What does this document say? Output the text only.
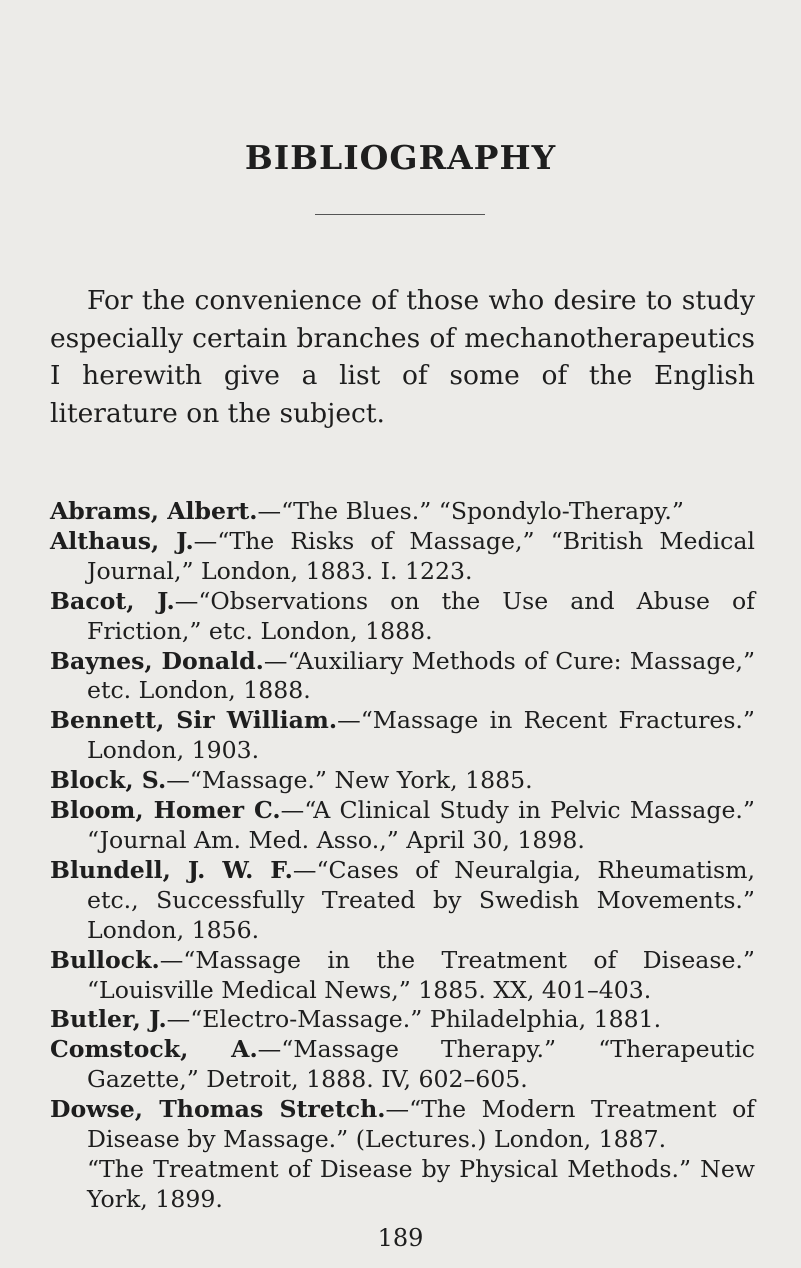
BIBLIOGRAPHY

For the convenience of those who desire to study especially certain branches of mechanotherapeutics I herewith give a list of some of the English literature on the subject.

Abrams, Albert.—“The Blues.” “Spondylo-Therapy.”
Althaus, J.—“The Risks of Massage,” “British Medical Journal,” London, 1883. I. 1223.
Bacot, J.—“Observations on the Use and Abuse of Friction,” etc. London, 1888.
Baynes, Donald.—“Auxiliary Methods of Cure: Massage,” etc. London, 1888.
Bennett, Sir William.—“Massage in Recent Fractures.” London, 1903.
Block, S.—“Massage.” New York, 1885.
Bloom, Homer C.—“A Clinical Study in Pelvic Massage.” “Journal Am. Med. Asso.,” April 30, 1898.
Blundell, J. W. F.—“Cases of Neuralgia, Rheumatism, etc., Successfully Treated by Swedish Movements.” London, 1856.
Bullock.—“Massage in the Treatment of Disease.” “Louisville Medical News,” 1885. XX, 401–403.
Butler, J.—“Electro-Massage.” Philadelphia, 1881.
Comstock, A.—“Massage Therapy.” “Therapeutic Gazette,” Detroit, 1888. IV, 602–605.
Dowse, Thomas Stretch.—“The Modern Treatment of Disease by Massage.” (Lectures.) London, 1887.
“The Treatment of Disease by Physical Methods.” New York, 1899.
189
